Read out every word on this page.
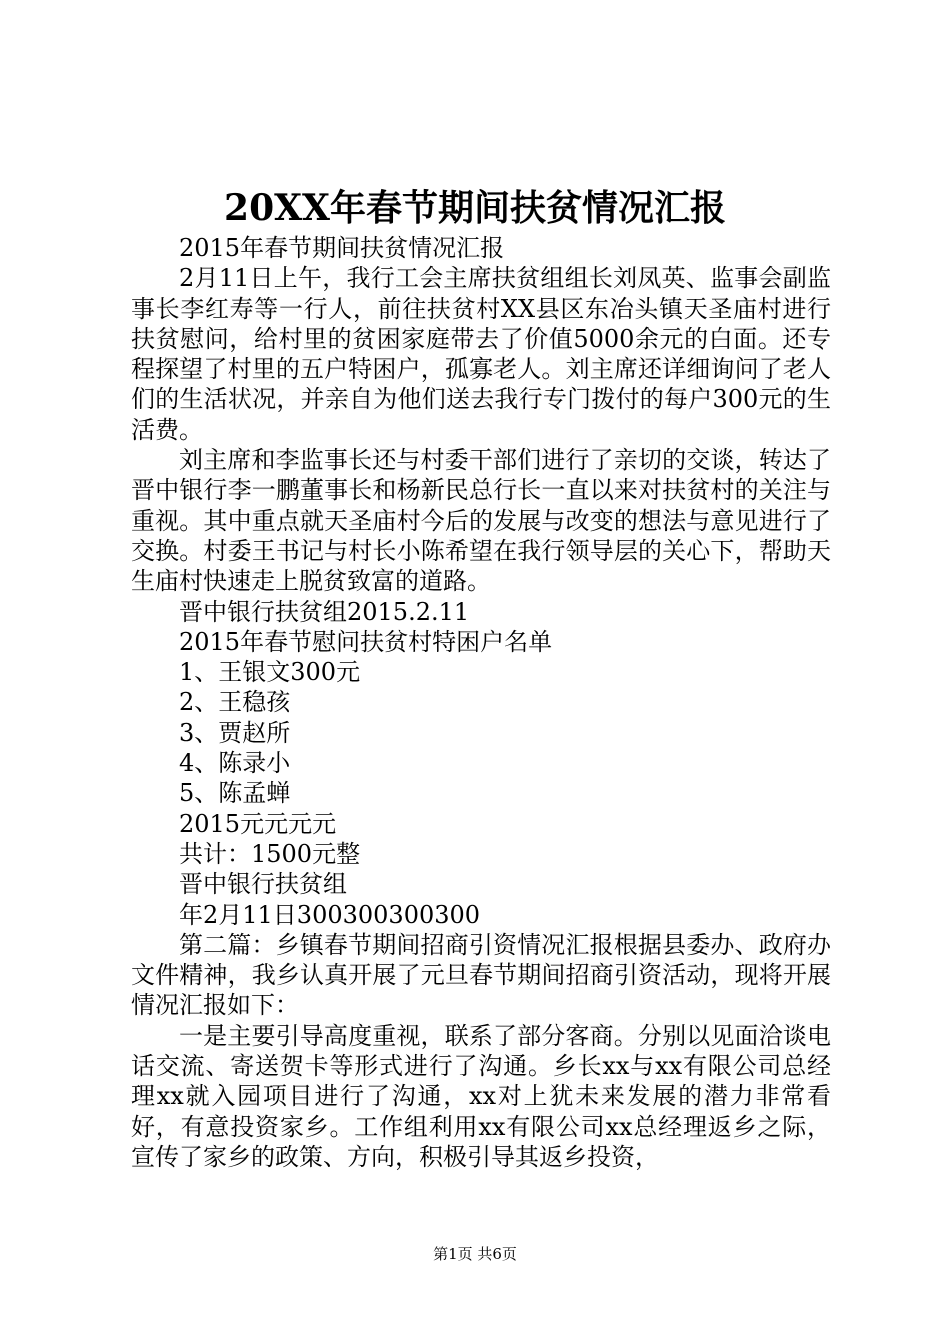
20XX年春节期间扶贫情况汇报

2015年春节期间扶贫情况汇报

2月11日上午，我行工会主席扶贫组组长刘凤英、监事会副监事长李红寿等一行人，前往扶贫村XX县区东冶头镇天圣庙村进行扶贫慰问，给村里的贫困家庭带去了价值5000余元的白面。还专程探望了村里的五户特困户，孤寡老人。刘主席还详细询问了老人们的生活状况，并亲自为他们送去我行专门拨付的每户300元的生活费。

刘主席和李监事长还与村委干部们进行了亲切的交谈，转达了晋中银行李一鹏董事长和杨新民总行长一直以来对扶贫村的关注与重视。其中重点就天圣庙村今后的发展与改变的想法与意见进行了交换。村委王书记与村长小陈希望在我行领导层的关心下，帮助天生庙村快速走上脱贫致富的道路。

晋中银行扶贫组2015.2.11

2015年春节慰问扶贫村特困户名单

1、王银文300元

2、王稳孩

3、贾赵所

4、陈录小

5、陈孟蝉

2015元元元元

共计：1500元整

晋中银行扶贫组

年2月11日300300300300

第二篇：乡镇春节期间招商引资情况汇报根据县委办、政府办文件精神，我乡认真开展了元旦春节期间招商引资活动，现将开展情况汇报如下：

一是主要引导高度重视，联系了部分客商。分别以见面洽谈电话交流、寄送贺卡等形式进行了沟通。乡长xx与xx有限公司总经理xx就入园项目进行了沟通，xx对上犹未来发展的潜力非常看好，有意投资家乡。工作组利用xx有限公司xx总经理返乡之际，宣传了家乡的政策、方向，积极引导其返乡投资，

第1页 共6页
